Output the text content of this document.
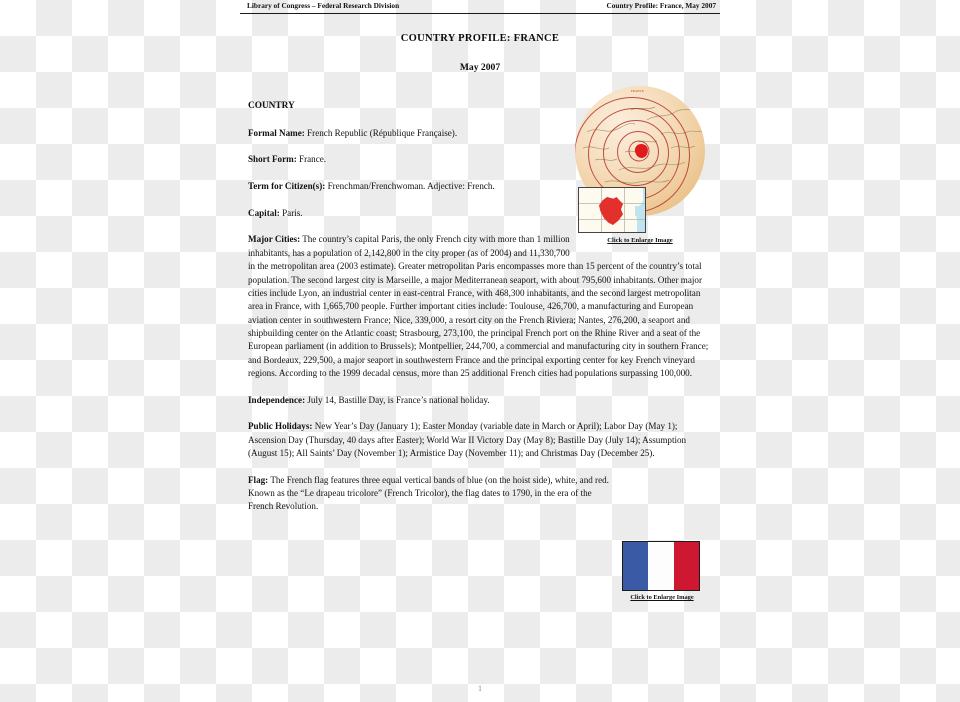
Library of Congress – Federal Research Division	Country Profile: France, May 2007
COUNTRY PROFILE: FRANCE
May 2007
COUNTRY

Formal Name: French Republic (République Française).

Short Form: France.

Term for Citizen(s): Frenchman/Frenchwoman. Adjective: French.

Capital: Paris.

Major Cities: The country’s capital Paris, the only French city with more than 1 million inhabitants, has a population of 2,142,800 in the city proper (as of 2004) and 11,330,700 in the metropolitan area (2003 estimate). Greater metropolitan Paris encompasses more than 15 percent of the country’s total population. The second largest city is Marseille, a major Mediterranean seaport, with about 795,600 inhabitants. Other major cities include Lyon, an industrial center in east-central France, with 468,300 inhabitants, and the second largest metropolitan area in France, with 1,665,700 people. Further important cities include: Toulouse, 426,700, a manufacturing and European aviation center in southwestern France; Nice, 339,000, a resort city on the French Riviera; Nantes, 276,200, a seaport and shipbuilding center on the Atlantic coast; Strasbourg, 273,100, the principal French port on the Rhine River and a seat of the European parliament (in addition to Brussels); Montpellier, 244,700, a commercial and manufacturing city in southern France; and Bordeaux, 229,500, a major seaport in southwestern France and the principal exporting center for key French vineyard regions. According to the 1999 decadal census, more than 25 additional French cities had populations surpassing 100,000.

Independence: July 14, Bastille Day, is France’s national holiday.

Public Holidays: New Year’s Day (January 1); Easter Monday (variable date in March or April); Labor Day (May 1); Ascension Day (Thursday, 40 days after Easter); World War II Victory Day (May 8); Bastille Day (July 14); Assumption (August 15); All Saints’ Day (November 1); Armistice Day (November 11); and Christmas Day (December 25).

Flag: The French flag features three equal vertical bands of blue (on the hoist side), white, and red. Known as the “Le drapeau tricolore” (French Tricolor), the flag dates to 1790, in the era of the French Revolution.

1
FRANCE
Click to Enlarge Image
Click to Enlarge Image
